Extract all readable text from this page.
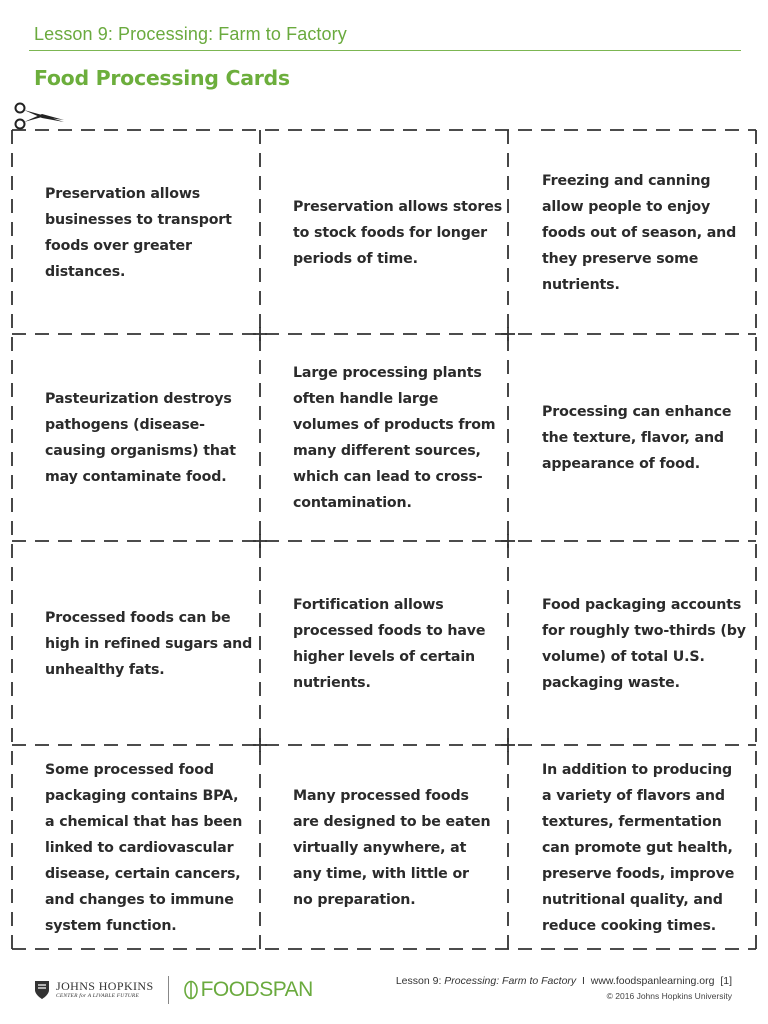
Lesson 9: Processing: Farm to Factory
Food Processing Cards
Preservation allows businesses to transport foods over greater distances.
Preservation allows stores to stock foods for longer periods of time.
Freezing and canning allow people to enjoy foods out of season, and they preserve some nutrients.
Pasteurization destroys pathogens (disease-causing organisms) that may contaminate food.
Large processing plants often handle large volumes of products from many different sources, which can lead to cross-contamination.
Processing can enhance the texture, flavor, and appearance of food.
Processed foods can be high in refined sugars and unhealthy fats.
Fortification allows processed foods to have higher levels of certain nutrients.
Food packaging accounts for roughly two-thirds (by volume) of total U.S. packaging waste.
Some processed food packaging contains BPA, a chemical that has been linked to cardiovascular disease, certain cancers, and changes to immune system function.
Many processed foods are designed to be eaten virtually anywhere, at any time, with little or no preparation.
In addition to producing a variety of flavors and textures, fermentation can promote gut health, preserve foods, improve nutritional quality, and reduce cooking times.
JOHNS HOPKINS
CENTER for A LIVABLE FUTURE	FOODSPAN	Lesson 9: Processing: Farm to Factory  I  www.foodspanlearning.org  [1]
© 2016 Johns Hopkins University
